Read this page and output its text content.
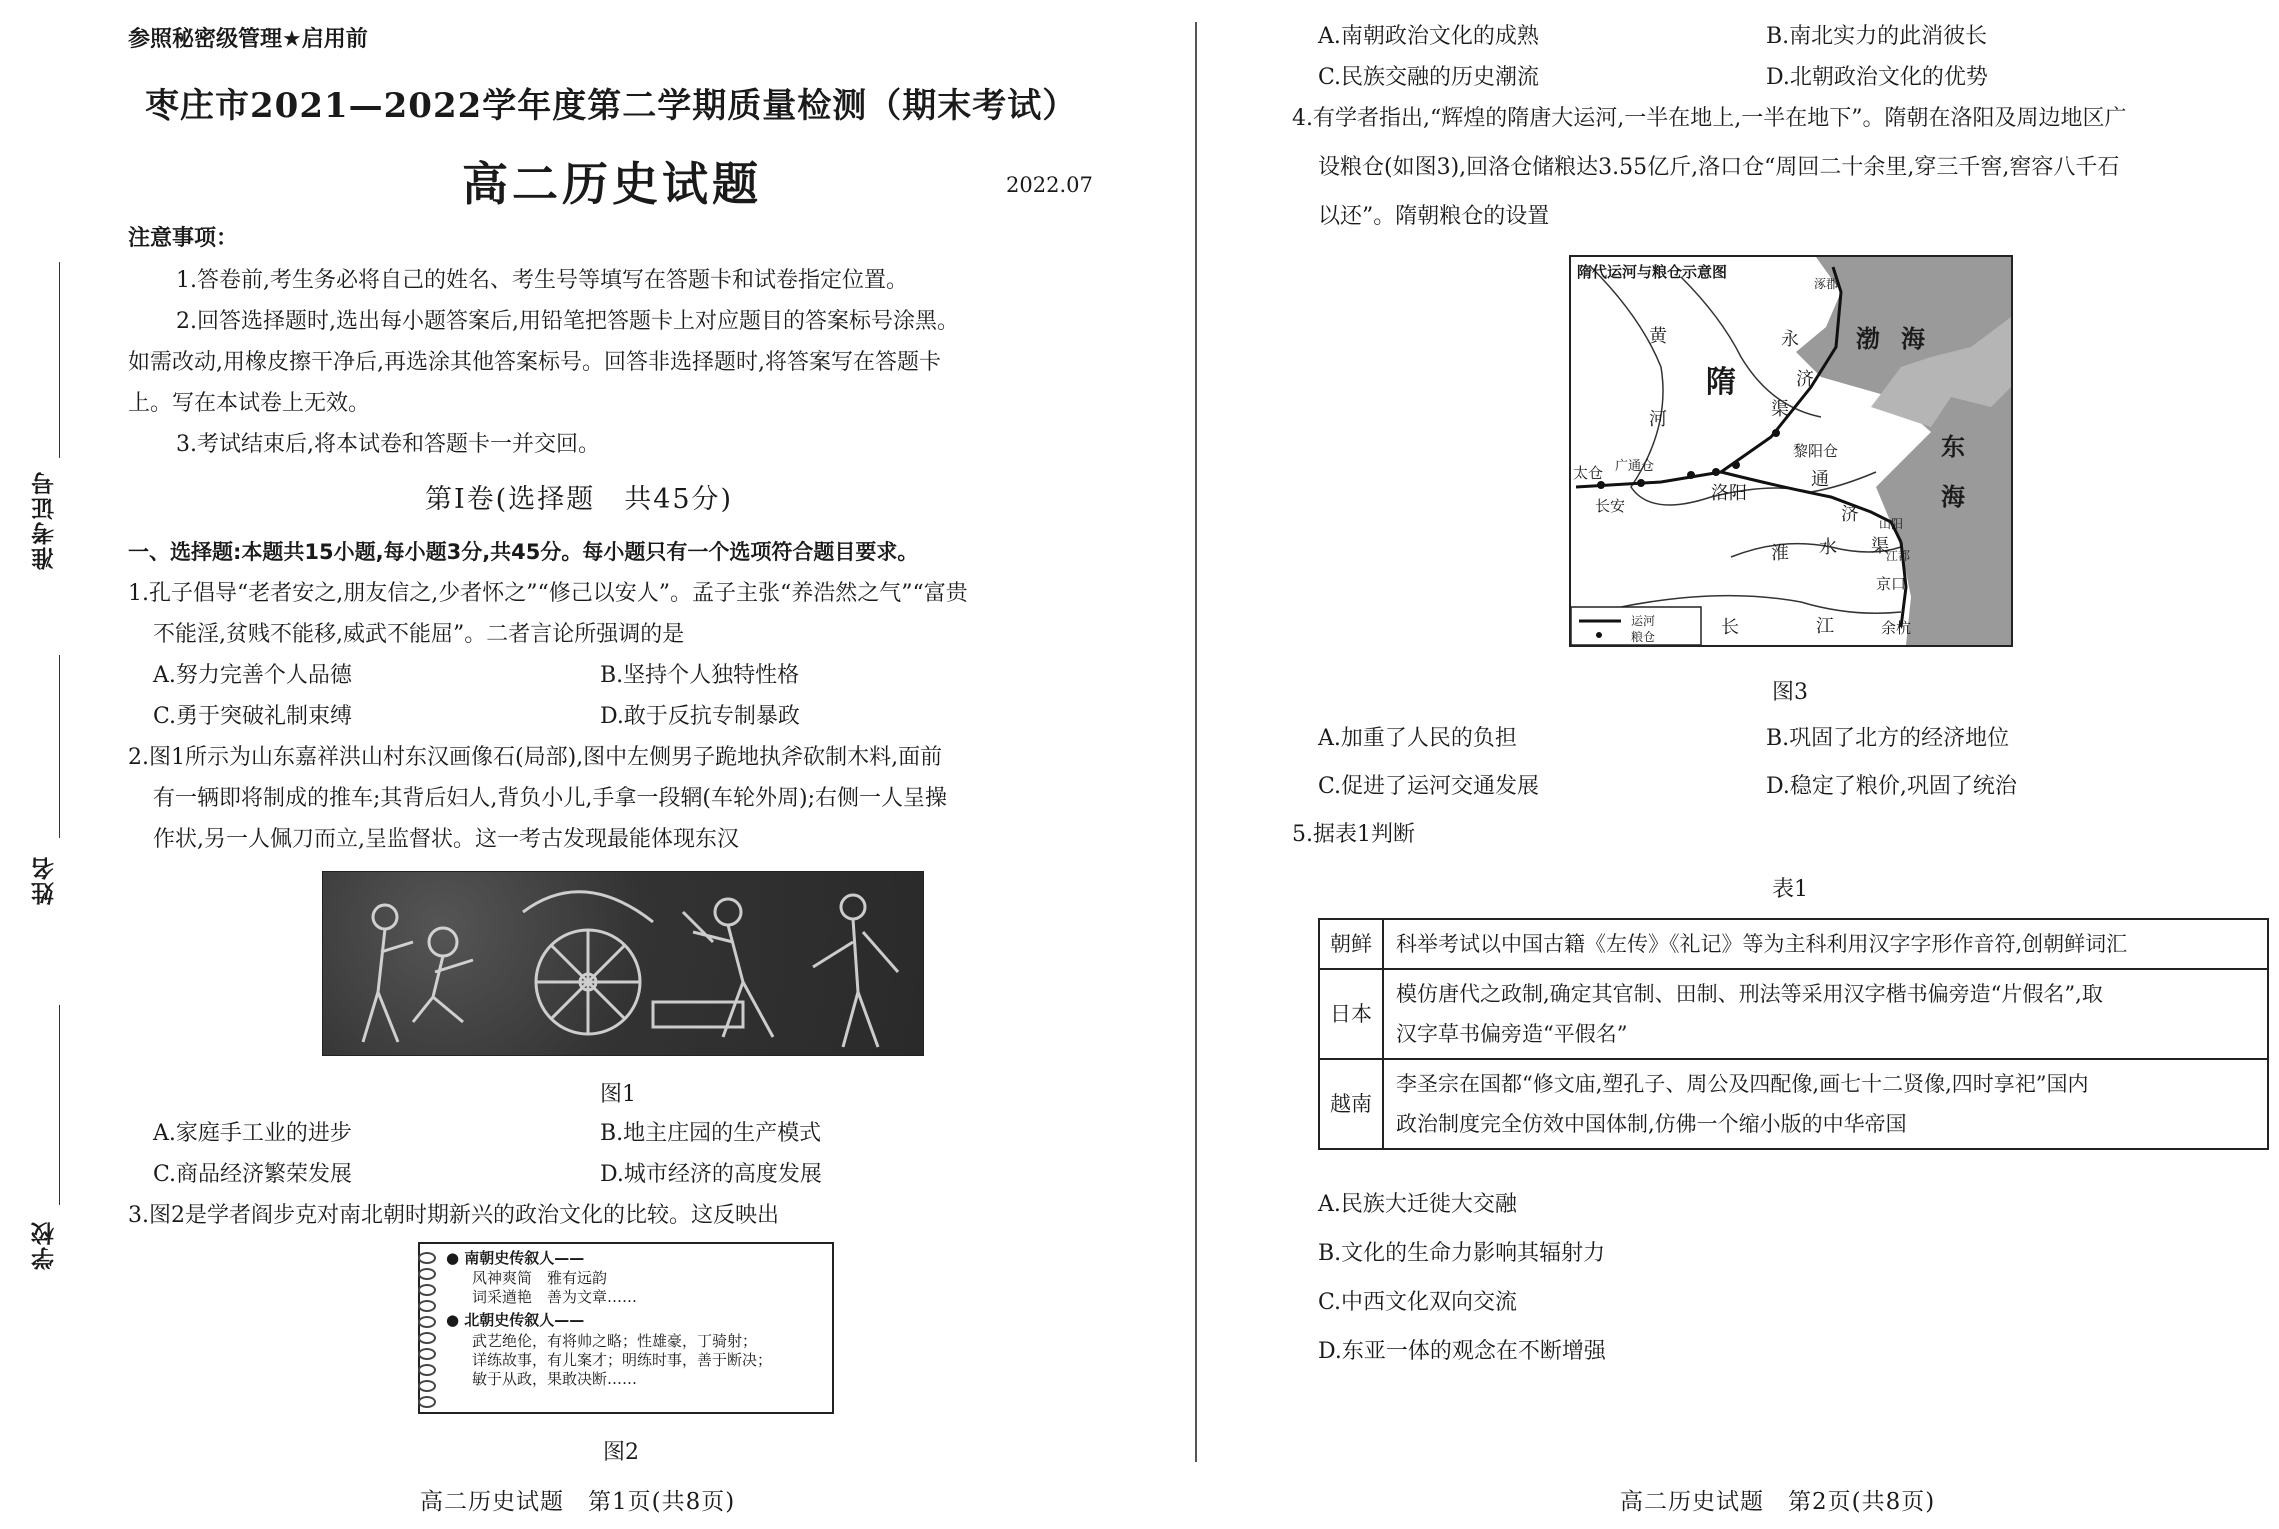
准考证号
姓名
学校
参照秘密级管理★启用前
枣庄市2021—2022学年度第二学期质量检测（期末考试）
高二历史试题	2022.07
注意事项：
1.答卷前,考生务必将自己的姓名、考生号等填写在答题卡和试卷指定位置。
2.回答选择题时,选出每小题答案后,用铅笔把答题卡上对应题目的答案标号涂黑。
如需改动,用橡皮擦干净后,再选涂其他答案标号。回答非选择题时,将答案写在答题卡
上。写在本试卷上无效。
3.考试结束后,将本试卷和答题卡一并交回。
第Ⅰ卷(选择题　共45分)
一、选择题:本题共15小题,每小题3分,共45分。每小题只有一个选项符合题目要求。
1.孔子倡导“老者安之,朋友信之,少者怀之”“修己以安人”。孟子主张“养浩然之气”“富贵
不能淫,贫贱不能移,威武不能屈”。二者言论所强调的是
A.努力完善个人品德	B.坚持个人独特性格
C.勇于突破礼制束缚	D.敢于反抗专制暴政
2.图1所示为山东嘉祥洪山村东汉画像石(局部),图中左侧男子跪地执斧砍制木料,面前
有一辆即将制成的推车;其背后妇人,背负小儿,手拿一段辋(车轮外周);右侧一人呈操
作状,另一人佩刀而立,呈监督状。这一考古发现最能体现东汉
图1
A.家庭手工业的进步	B.地主庄园的生产模式
C.商品经济繁荣发展	D.城市经济的高度发展
3.图2是学者阎步克对南北朝时期新兴的政治文化的比较。这反映出
● 南朝史传叙人——
风神爽简　雅有远韵
词采遒艳　善为文章……
● 北朝史传叙人——
武艺绝伦，有将帅之略；性雄豪，丁骑射；
详练故事，有儿案才；明练时事，善于断决；
敏于从政，果敢决断……
图2
高二历史试题　第1页(共8页)
A.南朝政治文化的成熟	B.南北实力的此消彼长
C.民族交融的历史潮流	D.北朝政治文化的优势
4.有学者指出,“辉煌的隋唐大运河,一半在地上,一半在地下”。隋朝在洛阳及周边地区广
设粮仓(如图3),回洛仓储粮达3.55亿斤,洛口仓“周回二十余里,穿三千窖,窖容八千石
以还”。隋朝粮仓的设置
隋代运河与粮仓示意图
隋
渤 海
东
海
黄
河
永
济
渠
涿郡
太仓 广通仓
长安
洛阳
黎阳仓
通
济
渠
山阳
淮 水	江都
京口
余杭
长	江
运河
粮仓
图3
A.加重了人民的负担	B.巩固了北方的经济地位
C.促进了运河交通发展	D.稳定了粮价,巩固了统治
5.据表1判断
表1
朝鲜	科举考试以中国古籍《左传》《礼记》等为主科利用汉字字形作音符,创朝鲜词汇

日本	模仿唐代之政制,确定其官制、田制、刑法等采用汉字楷书偏旁造“片假名”,取
汉字草书偏旁造“平假名”

越南	李圣宗在国都“修文庙,塑孔子、周公及四配像,画七十二贤像,四时享祀”国内
政治制度完全仿效中国体制,仿佛一个缩小版的中华帝国
A.民族大迁徙大交融
B.文化的生命力影响其辐射力
C.中西文化双向交流
D.东亚一体的观念在不断增强
高二历史试题　第2页(共8页)
